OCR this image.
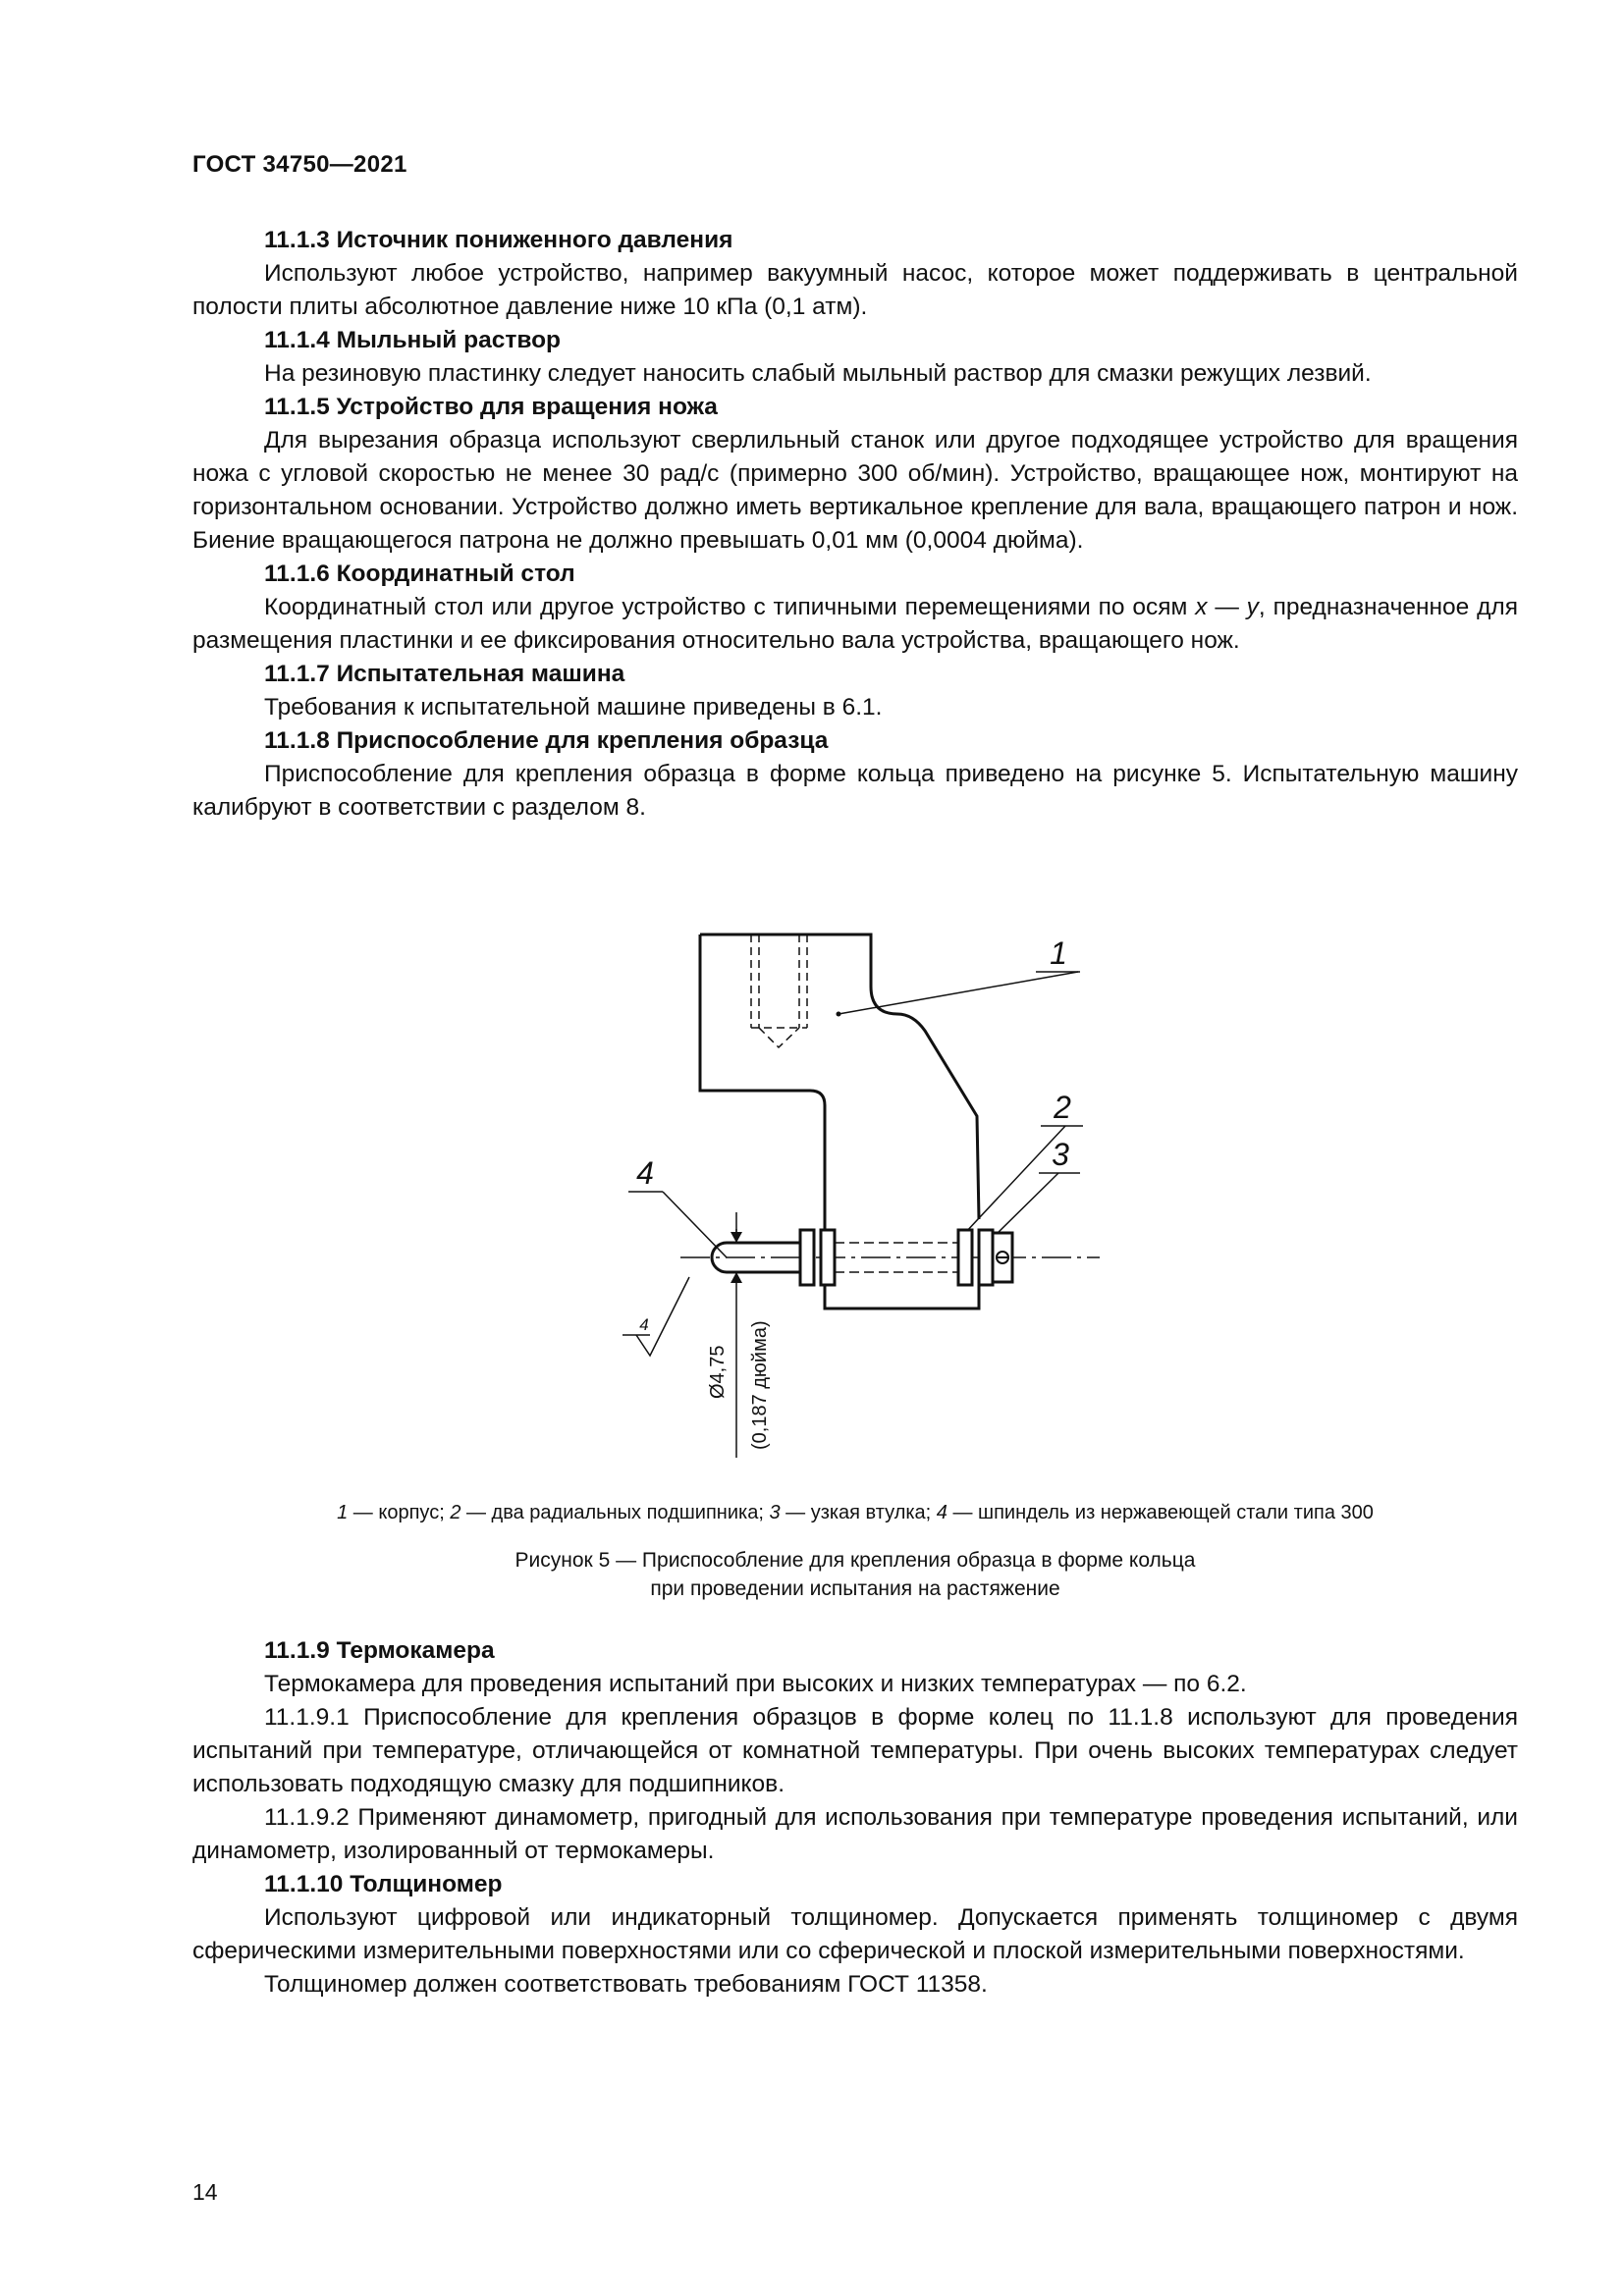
ГОСТ 34750—2021
11.1.3 Источник пониженного давления
Используют любое устройство, например вакуумный насос, которое может поддерживать в центральной полости плиты абсолютное давление ниже 10 кПа (0,1 атм).
11.1.4 Мыльный раствор
На резиновую пластинку следует наносить слабый мыльный раствор для смазки режущих лезвий.
11.1.5 Устройство для вращения ножа
Для вырезания образца используют сверлильный станок или другое подходящее устройство для вращения ножа с угловой скоростью не менее 30 рад/с (примерно 300 об/мин). Устройство, вращающее нож, монтируют на горизонтальном основании. Устройство должно иметь вертикальное крепление для вала, вращающего патрон и нож. Биение вращающегося патрона не должно превышать 0,01 мм (0,0004 дюйма).
11.1.6 Координатный стол
Координатный стол или другое устройство с типичными перемещениями по осям x — y, предназначенное для размещения пластинки и ее фиксирования относительно вала устройства, вращающего нож.
11.1.7 Испытательная машина
Требования к испытательной машине приведены в 6.1.
11.1.8 Приспособление для крепления образца
Приспособление для крепления образца в форме кольца приведено на рисунке 5. Испытательную машину калибруют в соответствии с разделом 8.
1
2
3
4
4
Ø4,75 (0,187 дюйма)
1 — корпус; 2 — два радиальных подшипника; 3 — узкая втулка; 4 — шпиндель из нержавеющей стали типа 300
Рисунок 5 — Приспособление для крепления образца в форме кольца
при проведении испытания на растяжение
11.1.9 Термокамера
Термокамера для проведения испытаний при высоких и низких температурах — по 6.2.
11.1.9.1 Приспособление для крепления образцов в форме колец по 11.1.8 используют для проведения испытаний при температуре, отличающейся от комнатной температуры. При очень высоких температурах следует использовать подходящую смазку для подшипников.
11.1.9.2 Применяют динамометр, пригодный для использования при температуре проведения испытаний, или динамометр, изолированный от термокамеры.
11.1.10 Толщиномер
Используют цифровой или индикаторный толщиномер. Допускается применять толщиномер с двумя сферическими измерительными поверхностями или со сферической и плоской измерительными поверхностями.
Толщиномер должен соответствовать требованиям ГОСТ 11358.
14
